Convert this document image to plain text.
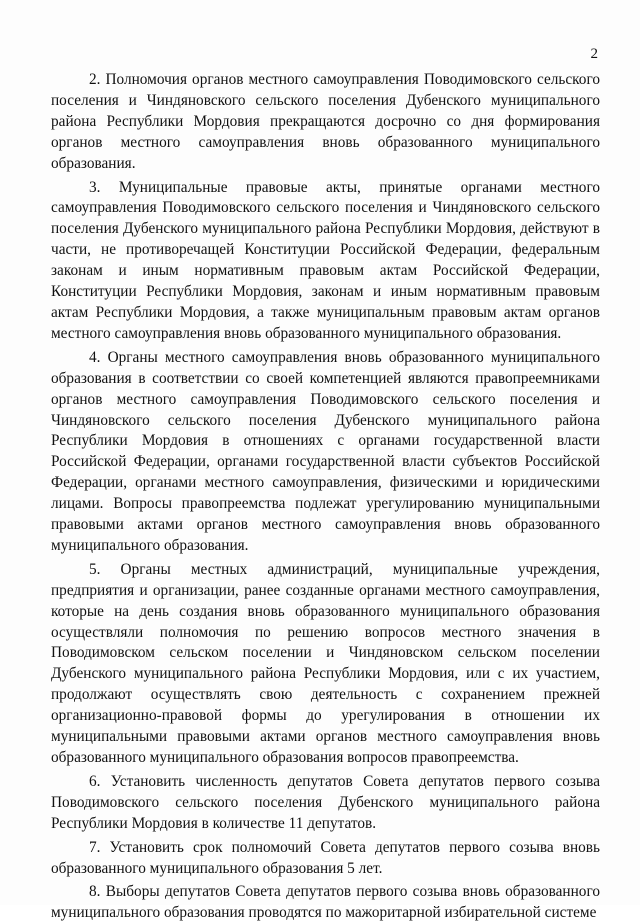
2

2. Полномочия органов местного самоуправления Поводимовского сельского поселения и Чиндяновского сельского поселения Дубенского муниципального района Республики Мордовия прекращаются досрочно со дня формирования органов местного самоуправления вновь образованного муниципального образования.

3. Муниципальные правовые акты, принятые органами местного самоуправления Поводимовского сельского поселения и Чиндяновского сельского поселения Дубенского муниципального района Республики Мордовия, действуют в части, не противоречащей Конституции Российской Федерации, федеральным законам и иным нормативным правовым актам Российской Федерации, Конституции Республики Мордовия, законам и иным нормативным правовым актам Республики Мордовия, а также муниципальным правовым актам органов местного самоуправления вновь образованного муниципального образования.

4. Органы местного самоуправления вновь образованного муниципального образования в соответствии со своей компетенцией являются правопреемниками органов местного самоуправления Поводимовского сельского поселения и Чиндяновского сельского поселения Дубенского муниципального района Республики Мордовия в отношениях с органами государственной власти Российской Федерации, органами государственной власти субъектов Российской Федерации, органами местного самоуправления, физическими и юридическими лицами. Вопросы правопреемства подлежат урегулированию муниципальными правовыми актами органов местного самоуправления вновь образованного муниципального образования.

5. Органы местных администраций, муниципальные учреждения, предприятия и организации, ранее созданные органами местного самоуправления, которые на день создания вновь образованного муниципального образования осуществляли полномочия по решению вопросов местного значения в Поводимовском сельском поселении и Чиндяновском сельском поселении Дубенского муниципального района Республики Мордовия, или с их участием, продолжают осуществлять свою деятельность с сохранением прежней организационно-правовой формы до урегулирования в отношении их муниципальными правовыми актами органов местного самоуправления вновь образованного муниципального образования вопросов правопреемства.

6. Установить численность депутатов Совета депутатов первого созыва Поводимовского сельского поселения Дубенского муниципального района Республики Мордовия в количестве 11 депутатов.

7. Установить срок полномочий Совета депутатов первого созыва вновь образованного муниципального образования 5 лет.

8. Выборы депутатов Совета депутатов первого созыва вновь образованного муниципального образования проводятся по мажоритарной избирательной системе
